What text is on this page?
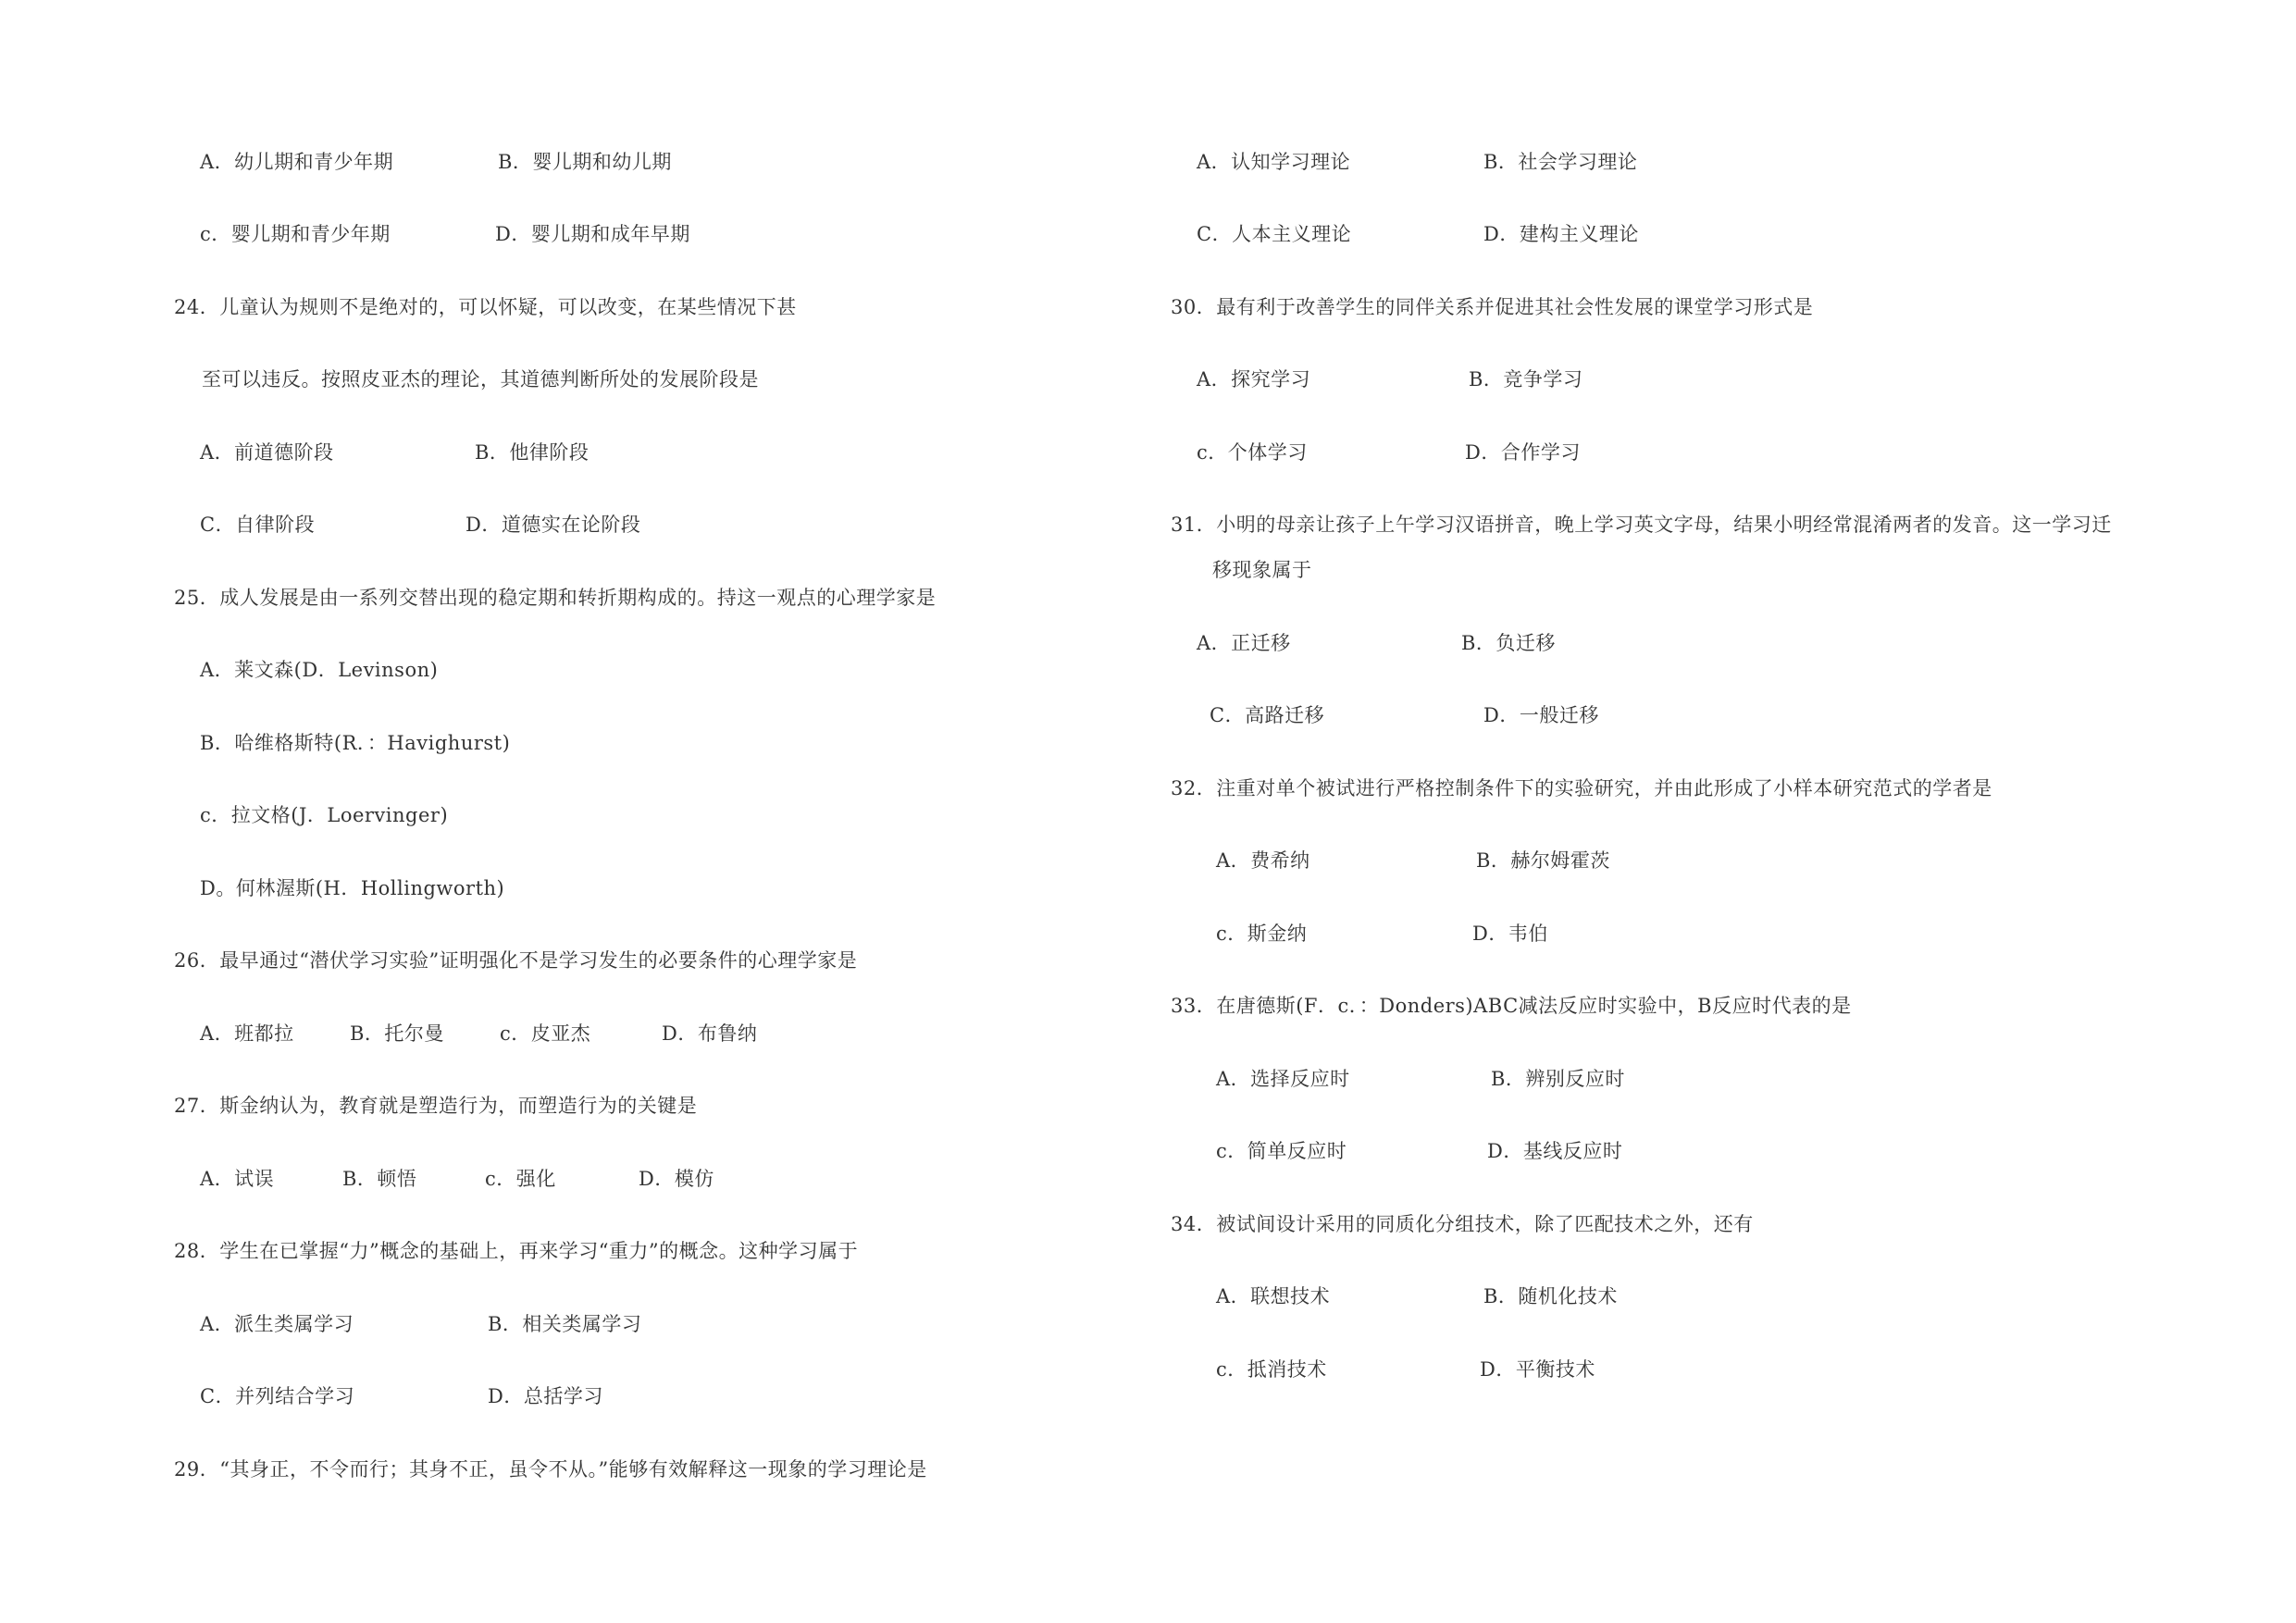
A．幼儿期和青少年期	B．婴儿期和幼儿期
c．婴儿期和青少年期	D．婴儿期和成年早期
24．儿童认为规则不是绝对的，可以怀疑，可以改变，在某些情况下甚
至可以违反。按照皮亚杰的理论，其道德判断所处的发展阶段是
A．前道德阶段	B．他律阶段
C．自律阶段	D．道德实在论阶段
25．成人发展是由一系列交替出现的稳定期和转折期构成的。持这一观点的心理学家是
A．莱文森(D．Levinson)
B．哈维格斯特(R．：Havighurst)
c．拉文格(J．Loervinger)
D。何林渥斯(H．Hollingworth)
26．最早通过“潜伏学习实验”证明强化不是学习发生的必要条件的心理学家是
A．班都拉	B．托尔曼	c．皮亚杰	D．布鲁纳
27．斯金纳认为，教育就是塑造行为，而塑造行为的关键是
A．试误	B．顿悟	c．强化	D．模仿
28．学生在已掌握“力”概念的基础上，再来学习“重力”的概念。这种学习属于
A．派生类属学习	B．相关类属学习
C．并列结合学习	D．总括学习
29．“其身正，不令而行；其身不正，虽令不从。”能够有效解释这一现象的学习理论是
A．认知学习理论	B．社会学习理论
C．人本主义理论	D．建构主义理论
30．最有利于改善学生的同伴关系并促进其社会性发展的课堂学习形式是
A．探究学习	B．竞争学习
c．个体学习	D．合作学习
31．小明的母亲让孩子上午学习汉语拼音，晚上学习英文字母，结果小明经常混淆两者的发音。这一学习迁
移现象属于
A．正迁移	B．负迁移
C．高路迁移	D．一般迁移
32．注重对单个被试进行严格控制条件下的实验研究，并由此形成了小样本研究范式的学者是
A．费希纳	B．赫尔姆霍茨
c．斯金纳	D．韦伯
33．在唐德斯(F．c．：Donders)ABC减法反应时实验中，B反应时代表的是
A．选择反应时	B．辨别反应时
c．简单反应时	D．基线反应时
34．被试间设计采用的同质化分组技术，除了匹配技术之外，还有
A．联想技术	B．随机化技术
c．抵消技术	D．平衡技术
